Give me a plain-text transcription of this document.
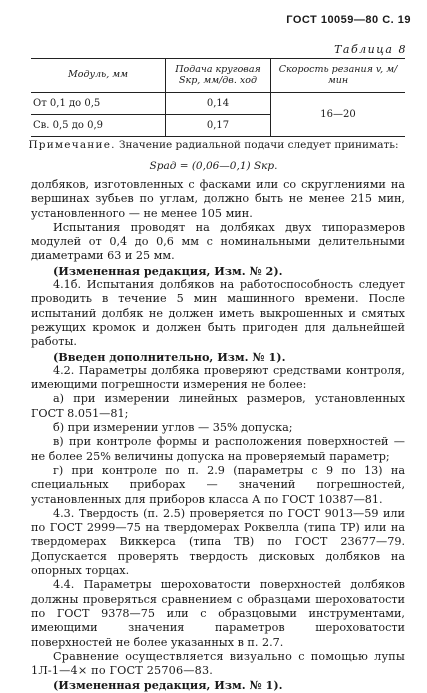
ГОСТ 10059—80 С. 19
Таблица 8
Модуль, мм	Подача круговая Sкр, мм/дв. ход	Скорость резания v, м/мин
От 0,1 до 0,5	0,14	16—20
Св. 0,5 до 0,9	0,17	
Примечание. Значение радиальной подачи следует принимать:
Sрад = (0,06—0,1) Sкр.

долбяков, изготовленных с фасками или со скруглениями на вершинах зубьев по углам, должно быть не менее 215 мин, установленного — не менее 105 мин.

Испытания проводят на долбяках двух типоразмеров модулей от 0,4 до 0,6 мм с номинальными делительными диаметрами 63 и 25 мм.

(Измененная редакция, Изм. № 2).

4.1б. Испытания долбяков на работоспособность следует проводить в течение 5 мин машинного времени. После испытаний долбяк не должен иметь выкрошенных и смятых режущих кромок и должен быть пригоден для дальнейшей работы.

(Введен дополнительно, Изм. № 1).

4.2. Параметры долбяка проверяют средствами контроля, имеющими погрешности измерения не более:

а) при измерении линейных размеров, установленных ГОСТ 8.051—81;

б) при измерении углов — 35% допуска;

в) при контроле формы и расположения поверхностей — не более 25% величины допуска на проверяемый параметр;

г) при контроле по п. 2.9 (параметры с 9 по 13) на специальных приборах — значений погрешностей, установленных для приборов класса А по ГОСТ 10387—81.

4.3. Твердость (п. 2.5) проверяется по ГОСТ 9013—59 или по ГОСТ 2999—75 на твердомерах Роквелла (типа ТР) или на твердомерах Виккерса (типа ТВ) по ГОСТ 23677—79. Допускается проверять твердость дисковых долбяков на опорных торцах.

4.4. Параметры шероховатости поверхностей долбяков должны проверяться сравнением с образцами шероховатости по ГОСТ 9378—75 или с образцовыми инструментами, имеющими значения параметров шероховатости поверхностей не более указанных в п. 2.7.

Сравнение осуществляется визуально с помощью лупы 1Л-1—4× по ГОСТ 25706—83.

(Измененная редакция, Изм. № 1).
